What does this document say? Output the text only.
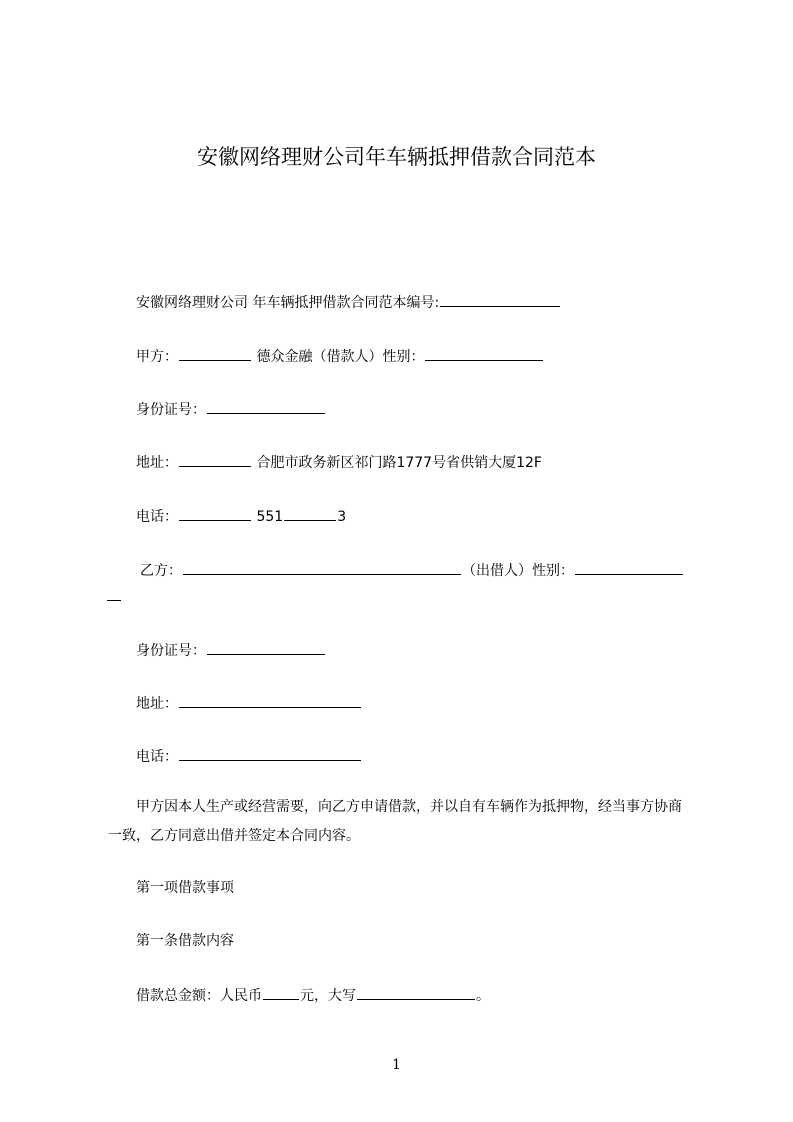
安徽网络理财公司年车辆抵押借款合同范本
安徽网络理财公司 年车辆抵押借款合同范本编号:
甲方：	德众金融（借款人）性别：
身份证号：
地址：	合肥市政务新区祁门路1777号省供销大厦12F
电话：	551	3
乙方：	（出借人）性别：
身份证号：
地址：
电话：
甲方因本人生产或经营需要，向乙方申请借款，并以自有车辆作为抵押物，经当事方协商一致，乙方同意出借并签定本合同内容。
第一项借款事项
第一条借款内容
借款总金额：人民币	元，大写	。
1
